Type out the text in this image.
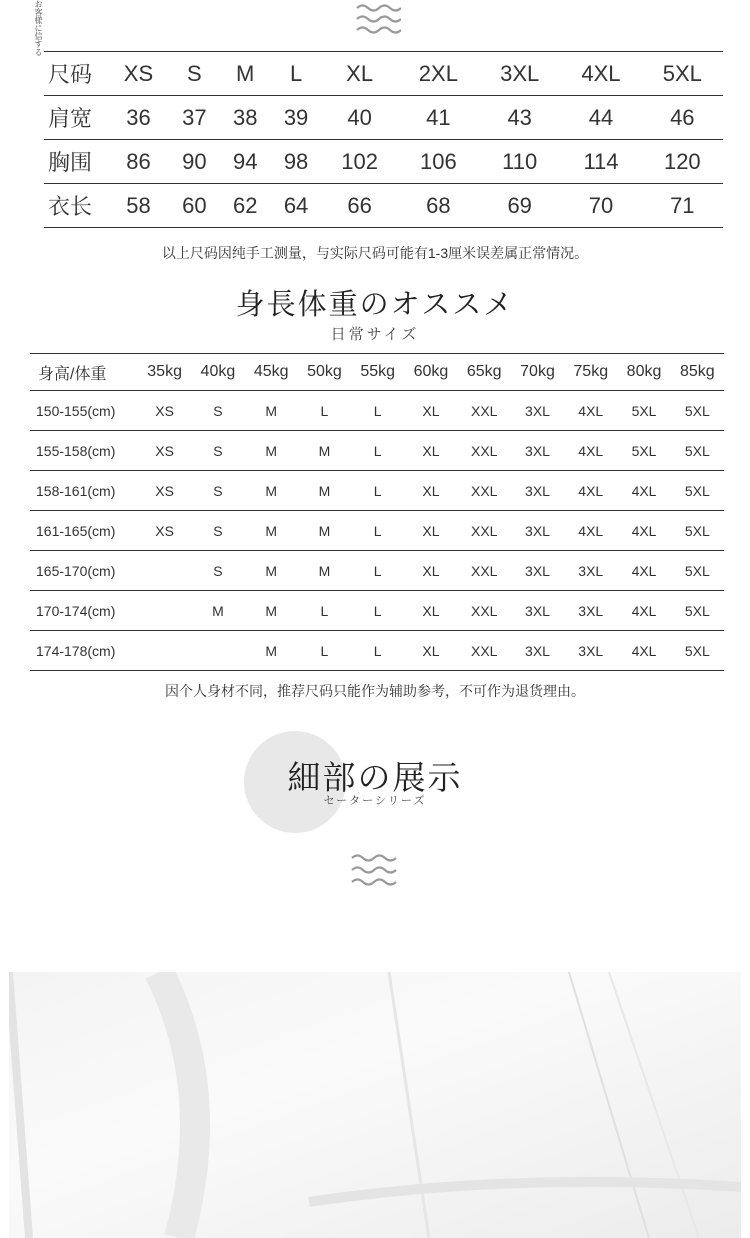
お客様に信する
尺码	XS	S	M	L	XL	2XL	3XL	4XL	5XL
肩宽	36	37	38	39	40	41	43	44	46
胸围	86	90	94	98	102	106	110	114	120
衣长	58	60	62	64	66	68	69	70	71
以上尺码因纯手工测量，与实际尺码可能有1-3厘米误差属正常情况。
身長体重のオススメ
日常サイズ
身高/体重	35kg	40kg	45kg	50kg	55kg	60kg	65kg	70kg	75kg	80kg	85kg
150-155(cm)	XS	S	M	L	L	XL	XXL	3XL	4XL	5XL	5XL
155-158(cm)	XS	S	M	M	L	XL	XXL	3XL	4XL	5XL	5XL
158-161(cm)	XS	S	M	M	L	XL	XXL	3XL	4XL	4XL	5XL
161-165(cm)	XS	S	M	M	L	XL	XXL	3XL	4XL	4XL	5XL
165-170(cm)		S	M	M	L	XL	XXL	3XL	3XL	4XL	5XL
170-174(cm)		M	M	L	L	XL	XXL	3XL	3XL	4XL	5XL
174-178(cm)			M	L	L	XL	XXL	3XL	3XL	4XL	5XL
因个人身材不同，推荐尺码只能作为辅助参考，不可作为退货理由。
細部の展示
セーターシリーズ
